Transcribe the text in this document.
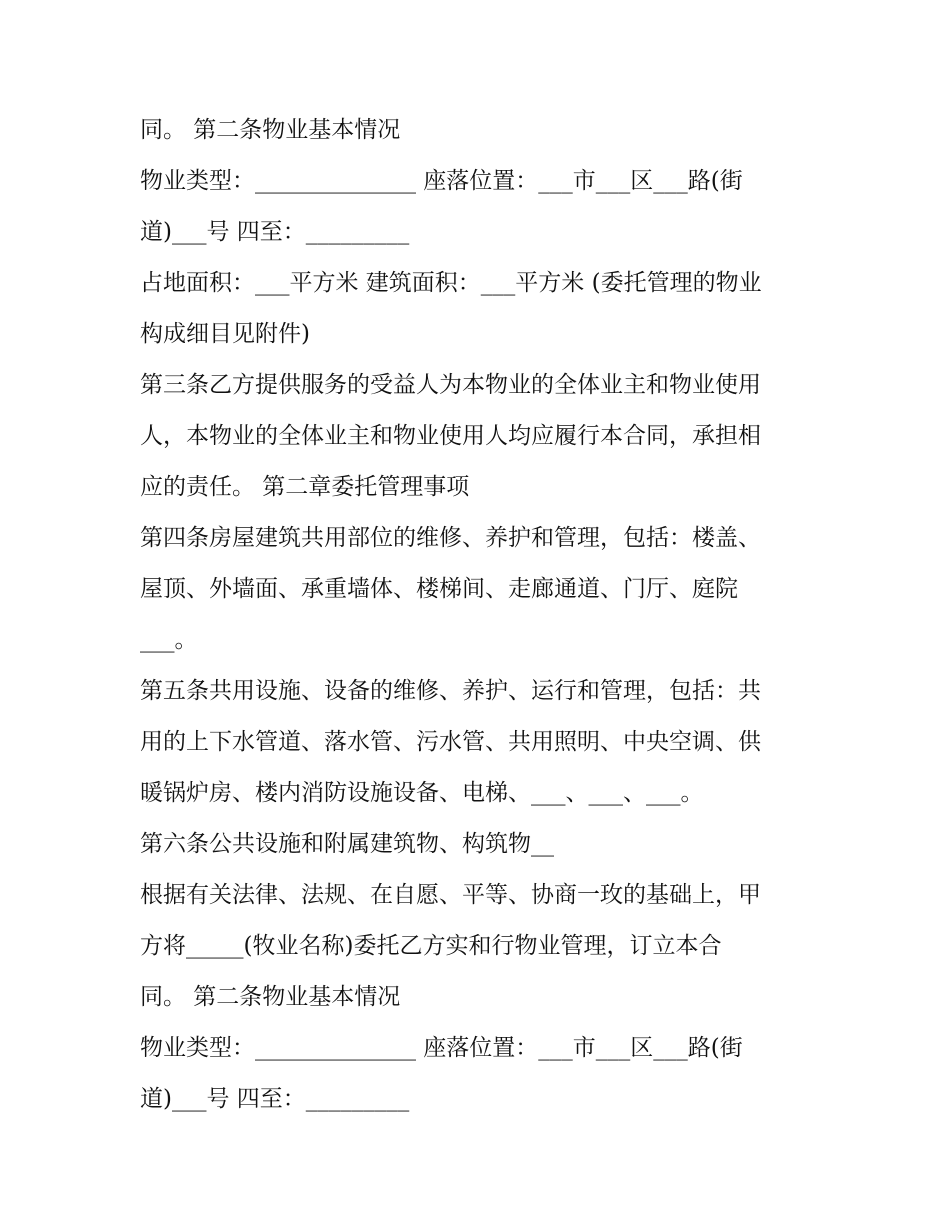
同。 第二条物业基本情况
物业类型：______________ 座落位置：___市___区___路(街
道)___号 四至：_________
占地面积：___平方米 建筑面积：___平方米 (委托管理的物业
构成细目见附件)
第三条乙方提供服务的受益人为本物业的全体业主和物业使用
人，本物业的全体业主和物业使用人均应履行本合同，承担相
应的责任。 第二章委托管理事项
第四条房屋建筑共用部位的维修、养护和管理，包括：楼盖、
屋顶、外墙面、承重墙体、楼梯间、走廊通道、门厅、庭院
___。
第五条共用设施、设备的维修、养护、运行和管理，包括：共
用的上下水管道、落水管、污水管、共用照明、中央空调、供
暖锅炉房、楼内消防设施设备、电梯、___、___、___。
第六条公共设施和附属建筑物、构筑物__
根据有关法律、法规、在自愿、平等、协商一玫的基础上，甲
方将_____(牧业名称)委托乙方实和行物业管理，订立本合
同。 第二条物业基本情况
物业类型：______________ 座落位置：___市___区___路(街
道)___号 四至：_________
